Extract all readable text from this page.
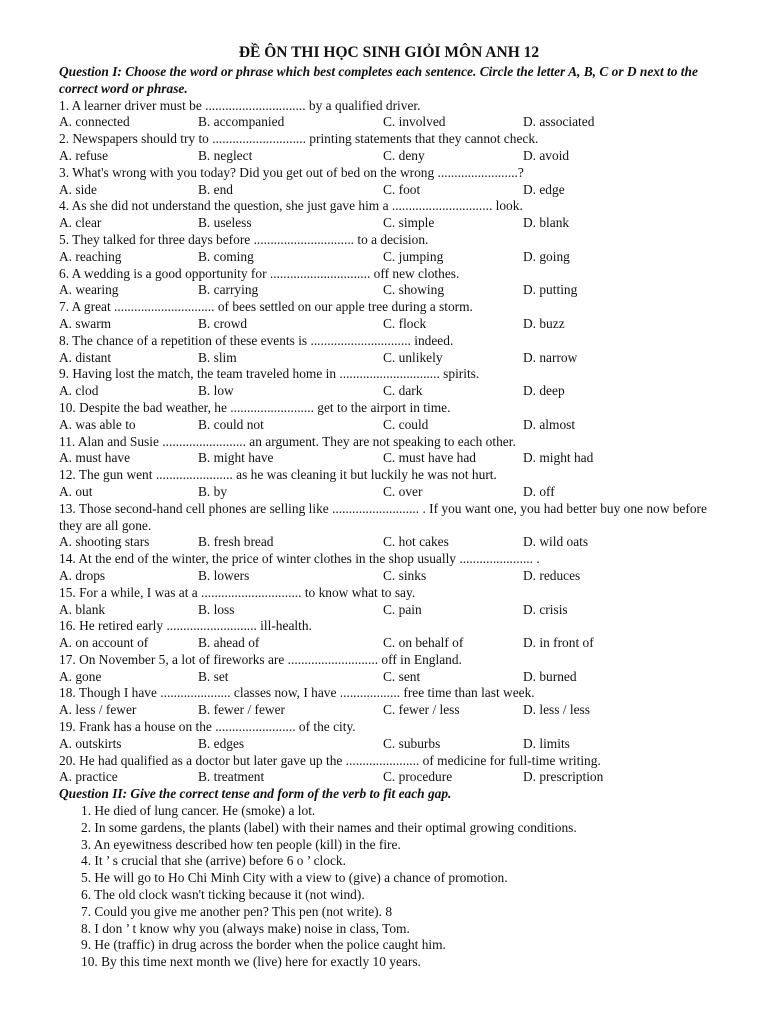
ĐỀ ÔN THI HỌC SINH GIỎI MÔN ANH 12
Question I: Choose the word or phrase which best completes each sentence. Circle the letter A, B, C or D next to the correct word or phrase.
1. A learner driver must be .............................. by a qualified driver.
A. connected	B. accompanied	C. involved	D. associated
2. Newspapers should try to ............................ printing statements that they cannot check.
A. refuse	B. neglect	C. deny	D. avoid
3. What's wrong with you today? Did you get out of bed on the wrong ........................?
A. side	B. end	C. foot	D. edge
4. As she did not understand the question, she just gave him a .............................. look.
A. clear	B. useless	C. simple	D. blank
5. They talked for three days before .............................. to a decision.
A. reaching	B. coming	C. jumping	D. going
6. A wedding is a good opportunity for .............................. off new clothes.
A. wearing	B. carrying	C. showing	D. putting
7. A great .............................. of bees settled on our apple tree during a storm.
A. swarm	B. crowd	C. flock	D. buzz
8. The chance of a repetition of these events is .............................. indeed.
A. distant	B. slim	C. unlikely	D. narrow
9. Having lost the match, the team traveled home in .............................. spirits.
A. clod	B. low	C. dark	D. deep
10. Despite the bad weather, he ......................... get to the airport in time.
A. was able to	B. could not	C. could	D. almost
11. Alan and Susie ......................... an argument. They are not speaking to each other.
A. must have	B. might have	C. must have had	D. might had
12. The gun went ....................... as he was cleaning it but luckily he was not hurt.
A. out	B. by	C. over	D. off
13. Those second-hand cell phones are selling like .......................... . If you want one, you had better buy one now before they are all gone.
A. shooting stars	B. fresh bread	C. hot cakes	D. wild oats
14. At the end of the winter, the price of winter clothes in the shop usually ...................... .
A. drops	B. lowers	C. sinks	D. reduces
15. For a while, I was at a .............................. to know what to say.
A. blank	B. loss	C. pain	D. crisis
16. He retired early ........................... ill-health.
A. on account of	B. ahead of	C. on behalf of	D. in front of
17. On November 5, a lot of fireworks are ........................... off in England.
A. gone	B. set	C. sent	D. burned
18. Though I have ..................... classes now, I have .................. free time than last week.
A. less / fewer	B. fewer / fewer	C. fewer / less	D. less / less
19. Frank has a house on the ........................ of the city.
A. outskirts	B. edges	C. suburbs	D. limits
20. He had qualified as a doctor but later gave up the ...................... of medicine for full-time writing.
A. practice	B. treatment	C. procedure	D. prescription
Question II: Give the correct tense and form of the verb to fit each gap.
1. He died of lung cancer. He (smoke) a lot.
2. In some gardens, the plants (label) with their names and their optimal growing conditions.
3. An eyewitness described how ten people (kill) in the fire.
4. It ’ s crucial that she (arrive) before 6 o ’ clock.
5. He will go to Ho Chi Minh City with a view to (give) a chance of promotion.
6. The old clock wasn't ticking because it (not wind).
7. Could you give me another pen? This pen (not write). 8
8. I don ’ t know why you (always make) noise in class, Tom.
9. He (traffic) in drug across the border when the police caught him.
10. By this time next month we (live) here for exactly 10 years.
